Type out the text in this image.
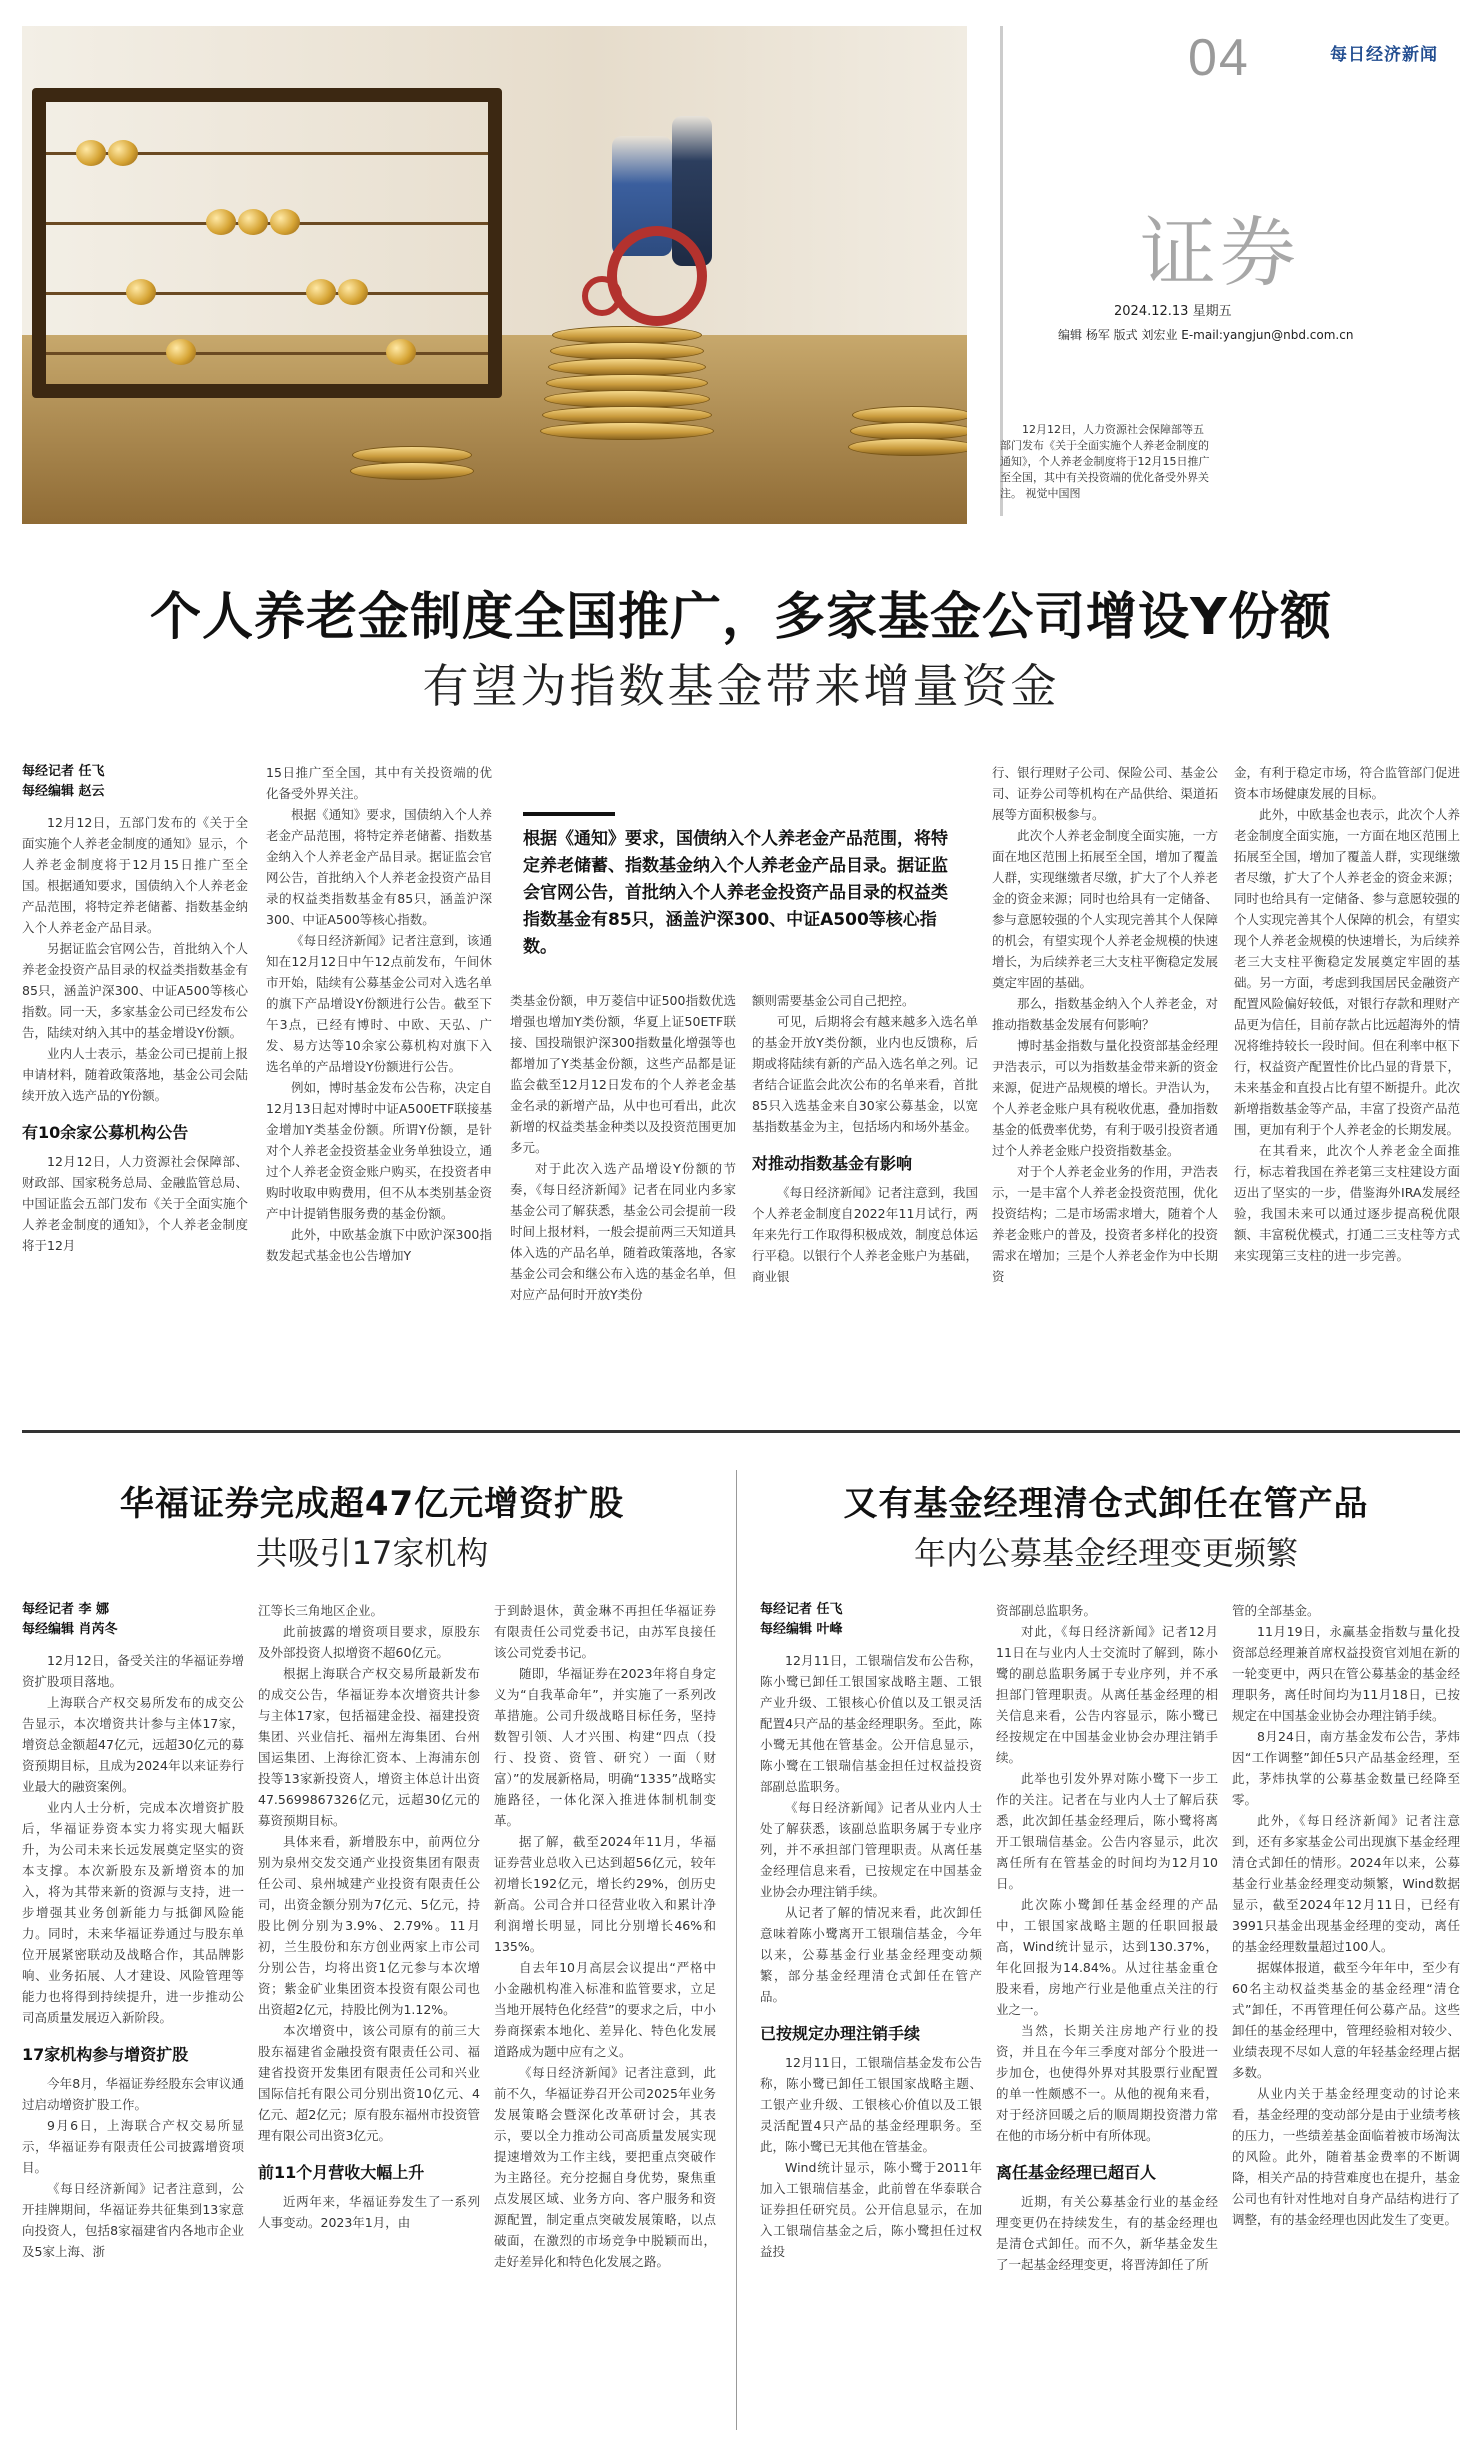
04	每日经济新闻
证券
2024.12.13 星期五
编辑 杨军 版式 刘宏业 E-mail:yangjun@nbd.com.cn

12月12日，人力资源社会保障部等五部门发布《关于全面实施个人养老金制度的通知》，个人养老金制度将于12月15日推广至全国，其中有关投资端的优化备受外界关注。 视觉中国图

个人养老金制度全国推广，多家基金公司增设Y份额
有望为指数基金带来增量资金
每经记者 任飞
每经编辑 赵云

12月12日，五部门发布的《关于全面实施个人养老金制度的通知》显示，个人养老金制度将于12月15日推广至全国。根据通知要求，国债纳入个人养老金产品范围，将特定养老储蓄、指数基金纳入个人养老金产品目录。

另据证监会官网公告，首批纳入个人养老金投资产品目录的权益类指数基金有85只，涵盖沪深300、中证A500等核心指数。同一天，多家基金公司已经发布公告，陆续对纳入其中的基金增设Y份额。

业内人士表示，基金公司已提前上报申请材料，随着政策落地，基金公司会陆续开放入选产品的Y份额。

有10余家公募机构公告

12月12日，人力资源社会保障部、财政部、国家税务总局、金融监管总局、中国证监会五部门发布《关于全面实施个人养老金制度的通知》，个人养老金制度将于12月

15日推广至全国，其中有关投资端的优化备受外界关注。

根据《通知》要求，国债纳入个人养老金产品范围，将特定养老储蓄、指数基金纳入个人养老金产品目录。据证监会官网公告，首批纳入个人养老金投资产品目录的权益类指数基金有85只，涵盖沪深300、中证A500等核心指数。

《每日经济新闻》记者注意到，该通知在12月12日中午12点前发布，午间休市开始，陆续有公募基金公司对入选名单的旗下产品增设Y份额进行公告。截至下午3点，已经有博时、中欧、天弘、广发、易方达等10余家公募机构对旗下入选名单的产品增设Y份额进行公告。

例如，博时基金发布公告称，决定自12月13日起对博时中证A500ETF联接基金增加Y类基金份额。所谓Y份额，是针对个人养老金投资基金业务单独设立，通过个人养老金资金账户购买，在投资者申购时收取申购费用，但不从本类别基金资产中计提销售服务费的基金份额。

此外，中欧基金旗下中欧沪深300指数发起式基金也公告增加Y

根据《通知》要求，国债纳入个人养老金产品范围，将特定养老储蓄、指数基金纳入个人养老金产品目录。据证监会官网公告，首批纳入个人养老金投资产品目录的权益类指数基金有85只，涵盖沪深300、中证A500等核心指数。

类基金份额，申万菱信中证500指数优选增强也增加Y类份额，华夏上证50ETF联接、国投瑞银沪深300指数量化增强等也都增加了Y类基金份额，这些产品都是证监会截至12月12日发布的个人养老金基金名录的新增产品，从中也可看出，此次新增的权益类基金种类以及投资范围更加多元。

对于此次入选产品增设Y份额的节奏，《每日经济新闻》记者在同业内多家基金公司了解获悉，基金公司会提前一段时间上报材料，一般会提前两三天知道具体入选的产品名单，随着政策落地，各家基金公司会和继公布入选的基金名单，但对应产品何时开放Y类份

额则需要基金公司自己把控。

可见，后期将会有越来越多入选名单的基金开放Y类份额，业内也反馈称，后期或将陆续有新的产品入选名单之列。记者结合证监会此次公布的名单来看，首批85只入选基金来自30家公募基金，以宽基指数基金为主，包括场内和场外基金。

对推动指数基金有影响

《每日经济新闻》记者注意到，我国个人养老金制度自2022年11月试行，两年来先行工作取得积极成效，制度总体运行平稳。以银行个人养老金账户为基础，商业银

行、银行理财子公司、保险公司、基金公司、证券公司等机构在产品供给、渠道拓展等方面积极参与。

此次个人养老金制度全面实施，一方面在地区范围上拓展至全国，增加了覆盖人群，实现继缴者尽缴，扩大了个人养老金的资金来源；同时也给具有一定储备、参与意愿较强的个人实现完善其个人保障的机会，有望实现个人养老金规模的快速增长，为后续养老三大支柱平衡稳定发展奠定牢固的基础。

那么，指数基金纳入个人养老金，对推动指数基金发展有何影响？

博时基金指数与量化投资部基金经理尹浩表示，可以为指数基金带来新的资金来源，促进产品规模的增长。尹浩认为，个人养老金账户具有税收优惠，叠加指数基金的低费率优势，有利于吸引投资者通过个人养老金账户投资指数基金。

对于个人养老金业务的作用，尹浩表示，一是丰富个人养老金投资范围，优化投资结构；二是市场需求增大，随着个人养老金账户的普及，投资者多样化的投资需求在增加；三是个人养老金作为中长期资

金，有利于稳定市场，符合监管部门促进资本市场健康发展的目标。

此外，中欧基金也表示，此次个人养老金制度全面实施，一方面在地区范围上拓展至全国，增加了覆盖人群，实现继缴者尽缴，扩大了个人养老金的资金来源；同时也给具有一定储备、参与意愿较强的个人实现完善其个人保障的机会，有望实现个人养老金规模的快速增长，为后续养老三大支柱平衡稳定发展奠定牢固的基础。另一方面，考虑到我国居民金融资产配置风险偏好较低，对银行存款和理财产品更为信任，目前存款占比远超海外的情况将维持较长一段时间。但在利率中枢下行，权益资产配置性价比凸显的背景下，未来基金和直投占比有望不断提升。此次新增指数基金等产品，丰富了投资产品范围，更加有利于个人养老金的长期发展。

在其看来，此次个人养老金全面推行，标志着我国在养老第三支柱建设方面迈出了坚实的一步，借鉴海外IRA发展经验，我国未来可以通过逐步提高税优限额、丰富税优模式，打通二三支柱等方式来实现第三支柱的进一步完善。

华福证券完成超47亿元增资扩股
共吸引17家机构
每经记者 李 娜
每经编辑 肖芮冬

12月12日，备受关注的华福证券增资扩股项目落地。

上海联合产权交易所发布的成交公告显示，本次增资共计参与主体17家，增资总金额超47亿元，远超30亿元的募资预期目标，且成为2024年以来证券行业最大的融资案例。

业内人士分析，完成本次增资扩股后，华福证券资本实力将实现大幅跃升，为公司未来长远发展奠定坚实的资本支撑。本次新股东及新增资本的加入，将为其带来新的资源与支持，进一步增强其业务创新能力与抵御风险能力。同时，未来华福证券通过与股东单位开展紧密联动及战略合作，其品牌影响、业务拓展、人才建设、风险管理等能力也将得到持续提升，进一步推动公司高质量发展迈入新阶段。

17家机构参与增资扩股

今年8月，华福证券经股东会审议通过启动增资扩股工作。

9月6日，上海联合产权交易所显示，华福证券有限责任公司披露增资项目。

《每日经济新闻》记者注意到，公开挂牌期间，华福证券共征集到13家意向投资人，包括8家福建省内各地市企业及5家上海、浙

江等长三角地区企业。

此前披露的增资项目要求，原股东及外部投资人拟增资不超60亿元。

根据上海联合产权交易所最新发布的成交公告，华福证券本次增资共计参与主体17家，包括福建金投、福建投资集团、兴业信托、福州左海集团、台州国运集团、上海徐汇资本、上海浦东创投等13家新投资人，增资主体总计出资47.5699867326亿元，远超30亿元的募资预期目标。

具体来看，新增股东中，前两位分别为泉州交发交通产业投资集团有限责任公司、泉州城建产业投资有限责任公司，出资金额分别为7亿元、5亿元，持股比例分别为3.9%、2.79%。11月初，兰生股份和东方创业两家上市公司分别公告，均将出资1亿元参与本次增资；紫金矿业集团资本投资有限公司也出资超2亿元，持股比例为1.12%。

本次增资中，该公司原有的前三大股东福建省金融投资有限责任公司、福建省投资开发集团有限责任公司和兴业国际信托有限公司分别出资10亿元、4亿元、超2亿元；原有股东福州市投资管理有限公司出资3亿元。

前11个月营收大幅上升

近两年来，华福证券发生了一系列人事变动。2023年1月，由

于到龄退休，黄金琳不再担任华福证券有限责任公司党委书记，由苏军良接任该公司党委书记。

随即，华福证券在2023年将自身定义为“自我革命年”，并实施了一系列改革措施。公司升级战略目标任务，坚持数智引领、人才兴围、构建“四点（投行、投资、资管、研究）一面（财富）”的发展新格局，明确“1335”战略实施路径，一体化深入推进体制机制变革。

据了解，截至2024年11月，华福证券营业总收入已达到超56亿元，较年初增长192亿元，增长约29%，创历史新高。公司合并口径营业收入和累计净利润增长明显，同比分别增长46%和135%。

自去年10月高层会议提出“严格中小金融机构准入标准和监管要求，立足当地开展特色化经营”的要求之后，中小券商探索本地化、差异化、特色化发展道路成为题中应有之义。

《每日经济新闻》记者注意到，此前不久，华福证券召开公司2025年业务发展策略会暨深化改革研讨会，其表示，要以全力推动公司高质量发展实现提速增效为工作主线，要把重点突破作为主路径。充分挖掘自身优势，聚焦重点发展区域、业务方向、客户服务和资源配置，制定重点突破发展策略，以点破面，在激烈的市场竞争中脱颖而出，走好差异化和特色化发展之路。

又有基金经理清仓式卸任在管产品
年内公募基金经理变更频繁
每经记者 任飞
每经编辑 叶峰

12月11日，工银瑞信发布公告称，陈小鹭已卸任工银国家战略主题、工银产业升级、工银核心价值以及工银灵活配置4只产品的基金经理职务。至此，陈小鹭无其他在管基金。公开信息显示，陈小鹭在工银瑞信基金担任过权益投资部副总监职务。

《每日经济新闻》记者从业内人士处了解获悉，该副总监职务属于专业序列，并不承担部门管理职责。从离任基金经理信息来看，已按规定在中国基金业协会办理注销手续。

从记者了解的情况来看，此次卸任意味着陈小鹭离开工银瑞信基金，今年以来，公募基金行业基金经理变动频繁，部分基金经理清仓式卸任在管产品。

已按规定办理注销手续

12月11日，工银瑞信基金发布公告称，陈小鹭已卸任工银国家战略主题、工银产业升级、工银核心价值以及工银灵活配置4只产品的基金经理职务。至此，陈小鹭已无其他在管基金。

Wind统计显示，陈小鹭于2011年加入工银瑞信基金，此前曾在华泰联合证券担任研究员。公开信息显示，在加入工银瑞信基金之后，陈小鹭担任过权益投

资部副总监职务。

对此，《每日经济新闻》记者12月11日在与业内人士交流时了解到，陈小鹭的副总监职务属于专业序列，并不承担部门管理职责。从离任基金经理的相关信息来看，公告内容显示，陈小鹭已经按规定在中国基金业协会办理注销手续。

此举也引发外界对陈小鹭下一步工作的关注。记者在与业内人士了解后获悉，此次卸任基金经理后，陈小鹭将离开工银瑞信基金。公告内容显示，此次离任所有在管基金的时间均为12月10日。

此次陈小鹭卸任基金经理的产品中，工银国家战略主题的任职回报最高，Wind统计显示，达到130.37%，年化回报为14.84%。从过往基金重仓股来看，房地产行业是他重点关注的行业之一。

当然，长期关注房地产行业的投资，并且在今年三季度对部分个股进一步加仓，也使得外界对其股票行业配置的单一性颇感不一。从他的视角来看，对于经济回暖之后的顺周期投资潜力常在他的市场分析中有所体现。

离任基金经理已超百人

近期，有关公募基金行业的基金经理变更仍在持续发生，有的基金经理也是清仓式卸任。而不久，新华基金发生了一起基金经理变更，将晋涛卸任了所

管的全部基金。

11月19日，永赢基金指数与量化投资部总经理兼首席权益投资官刘旭在新的一轮变更中，两只在管公募基金的基金经理职务，离任时间均为11月18日，已按规定在中国基金业协会办理注销手续。

8月24日，南方基金发布公告，茅炜因“工作调整”卸任5只产品基金经理，至此，茅炜执掌的公募基金数量已经降至零。

此外，《每日经济新闻》记者注意到，还有多家基金公司出现旗下基金经理清仓式卸任的情形。2024年以来，公募基金行业基金经理变动频繁，Wind数据显示，截至2024年12月11日，已经有3991只基金出现基金经理的变动，离任的基金经理数量超过100人。

据媒体报道，截至今年年中，至少有60名主动权益类基金的基金经理“清仓式”卸任，不再管理任何公募产品。这些卸任的基金经理中，管理经验相对较少、业绩表现不尽如人意的年轻基金经理占据多数。

从业内关于基金经理变动的讨论来看，基金经理的变动部分是由于业绩考核的压力，一些绩差基金面临着被市场淘汰的风险。此外，随着基金费率的不断调降，相关产品的持营难度也在提升，基金公司也有针对性地对自身产品结构进行了调整，有的基金经理也因此发生了变更。
